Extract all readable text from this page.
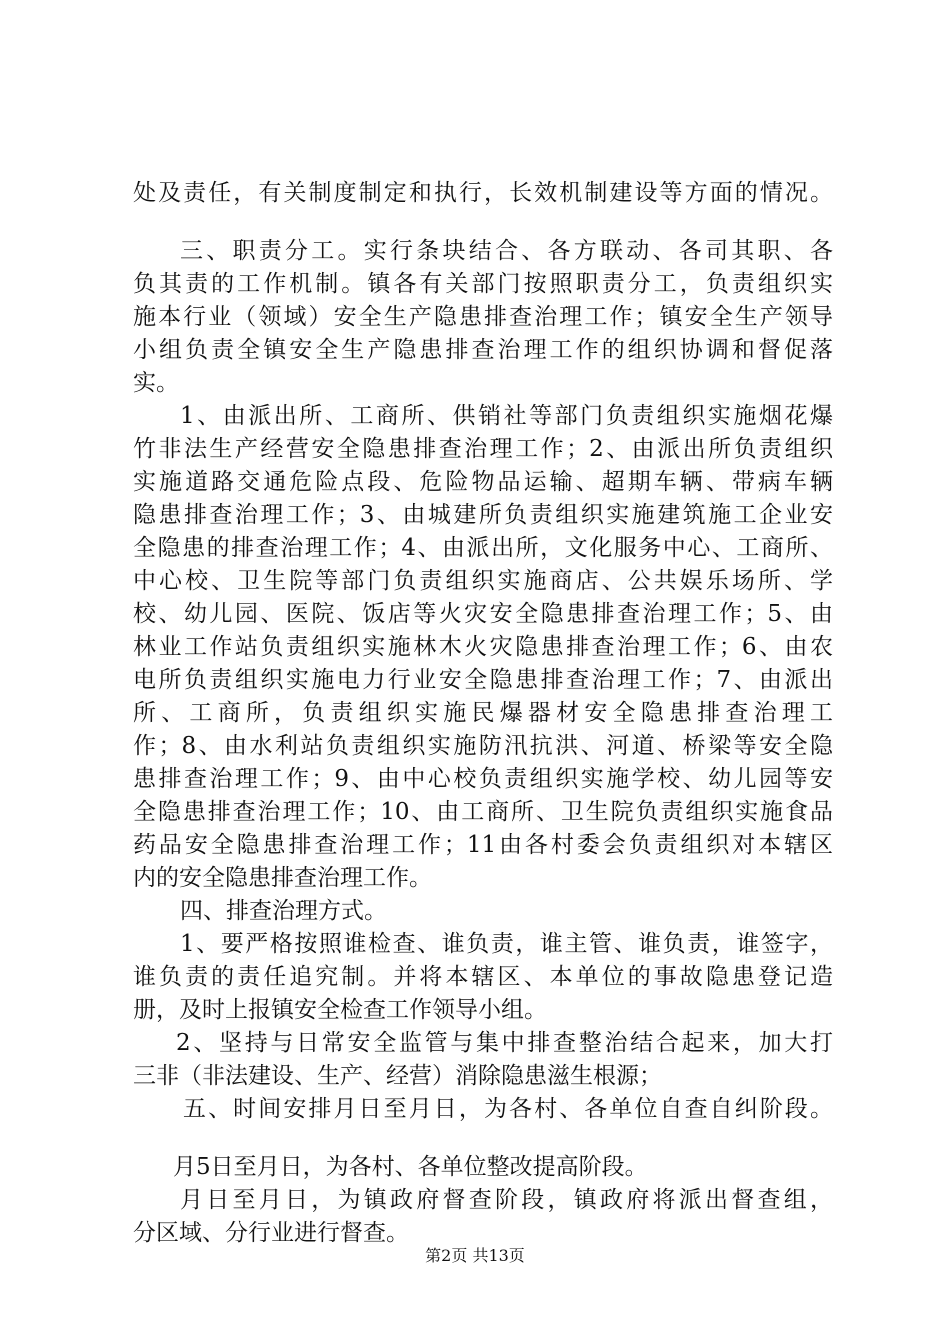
处及责任，有关制度制定和执行，长效机制建设等方面的情况。
三、职责分工。实行条块结合、各方联动、各司其职、各
负其责的工作机制。镇各有关部门按照职责分工，负责组织实
施本行业（领域）安全生产隐患排查治理工作；镇安全生产领导
小组负责全镇安全生产隐患排查治理工作的组织协调和督促落
实。
1、由派出所、工商所、供销社等部门负责组织实施烟花爆
竹非法生产经营安全隐患排查治理工作；2、由派出所负责组织
实施道路交通危险点段、危险物品运输、超期车辆、带病车辆
隐患排查治理工作；3、由城建所负责组织实施建筑施工企业安
全隐患的排查治理工作；4、由派出所，文化服务中心、工商所、
中心校、卫生院等部门负责组织实施商店、公共娱乐场所、学
校、幼儿园、医院、饭店等火灾安全隐患排查治理工作；5、由
林业工作站负责组织实施林木火灾隐患排查治理工作；6、由农
电所负责组织实施电力行业安全隐患排查治理工作；7、由派出
所、工商所，负责组织实施民爆器材安全隐患排查治理工
作；8、由水利站负责组织实施防汛抗洪、河道、桥梁等安全隐
患排查治理工作；9、由中心校负责组织实施学校、幼儿园等安
全隐患排查治理工作；10、由工商所、卫生院负责组织实施食品
药品安全隐患排查治理工作；11由各村委会负责组织对本辖区
内的安全隐患排查治理工作。
四、排查治理方式。
1、要严格按照谁检查、谁负责，谁主管、谁负责，谁签字，
谁负责的责任追究制。并将本辖区、本单位的事故隐患登记造
册，及时上报镇安全检查工作领导小组。
2、坚持与日常安全监管与集中排查整治结合起来，加大打
三非（非法建设、生产、经营）消除隐患滋生根源；
五、时间安排月日至月日，为各村、各单位自查自纠阶段。
月5日至月日，为各村、各单位整改提高阶段。
月日至月日，为镇政府督查阶段，镇政府将派出督查组，
分区域、分行业进行督查。
第2页 共13页
